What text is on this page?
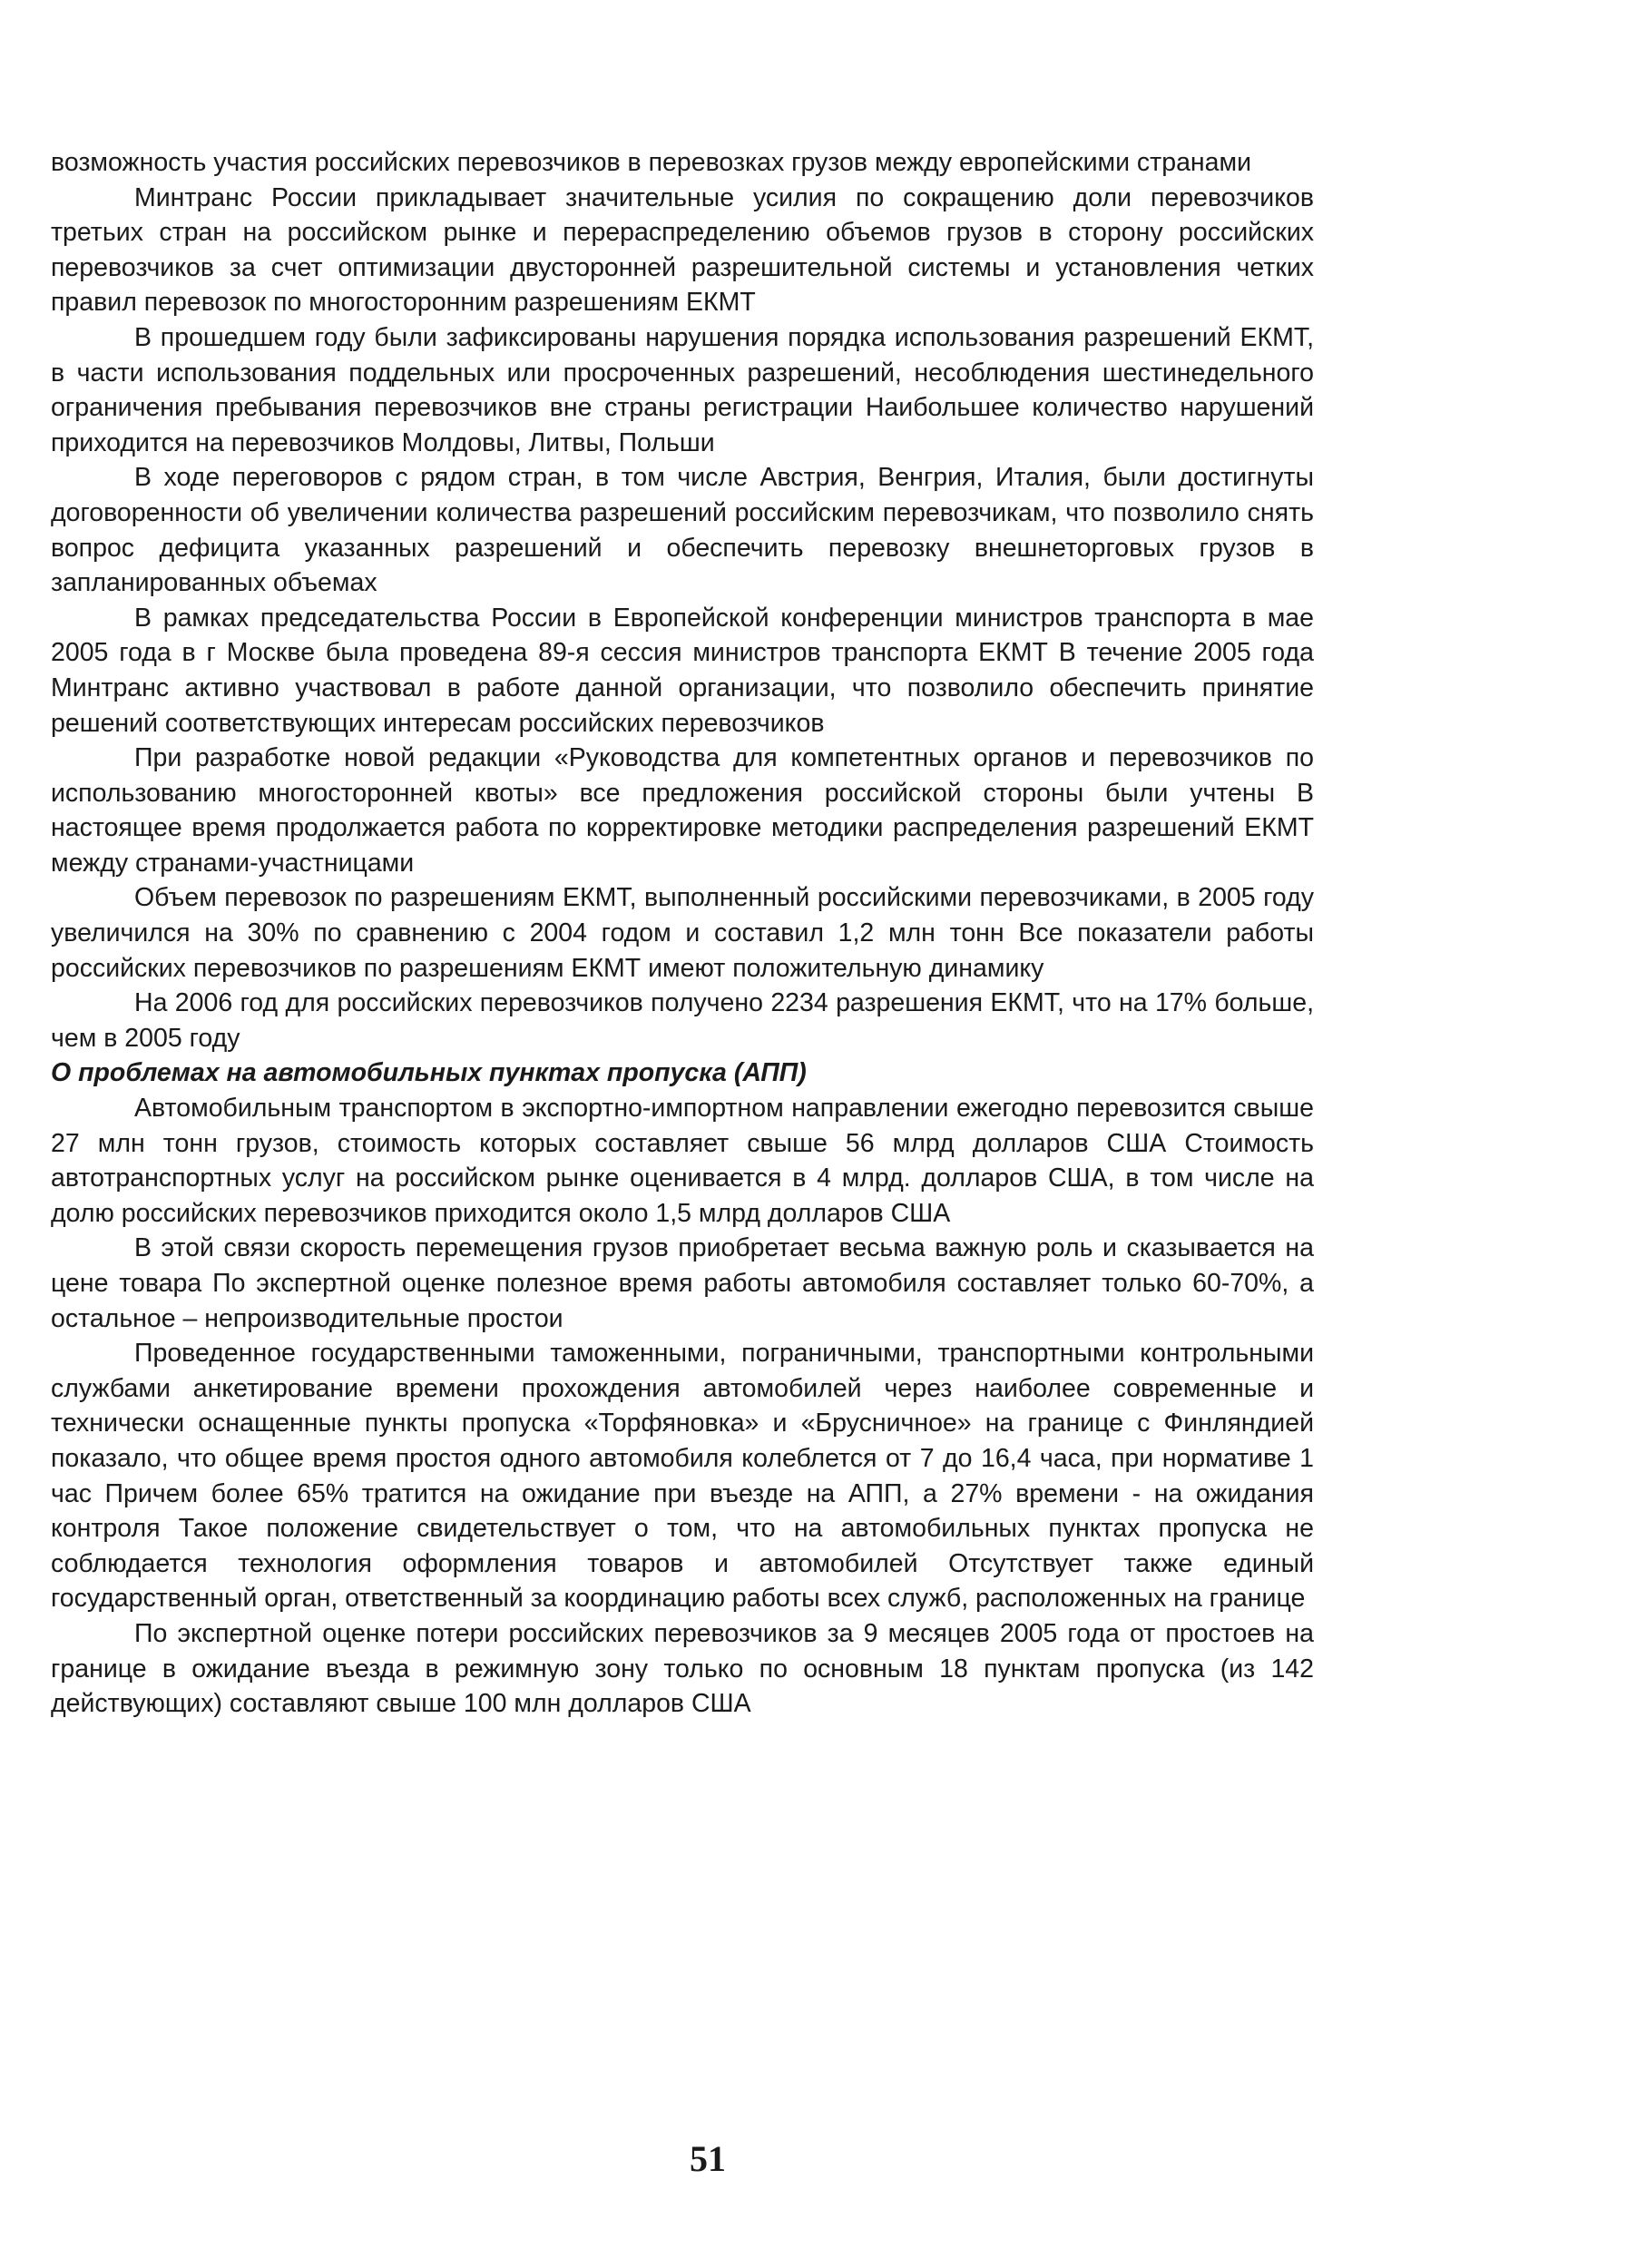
возможность участия российских перевозчиков в перевозках грузов между европейскими странами

Минтранс России прикладывает значительные усилия по сокращению доли перевозчиков третьих стран на российском рынке и перераспределению объемов грузов в сторону российских перевозчиков за счет оптимизации двусторонней разрешительной системы и установления четких правил перевозок по многосторонним разрешениям ЕКМТ

В прошедшем году были зафиксированы нарушения порядка использования разрешений ЕКМТ, в части использования поддельных или просроченных разрешений, несоблюдения шестинедельного ограничения пребывания перевозчиков вне страны регистрации Наибольшее количество нарушений приходится на перевозчиков Молдовы, Литвы, Польши

В ходе переговоров с рядом стран, в том числе Австрия, Венгрия, Италия, были достигнуты договоренности об увеличении количества разрешений российским перевозчикам, что позволило снять вопрос дефицита указанных разрешений и обеспечить перевозку внешнеторговых грузов в запланированных объемах

В рамках председательства России в Европейской конференции министров транспорта в мае 2005 года в г Москве была проведена 89-я сессия министров транспорта ЕКМТ В течение 2005 года Минтранс активно участвовал в работе данной организации, что позволило обеспечить принятие решений соответствующих интересам российских перевозчиков

При разработке новой редакции «Руководства для компетентных органов и перевозчиков по использованию многосторонней квоты» все предложения российской стороны были учтены В настоящее время продолжается работа по корректировке методики распределения разрешений ЕКМТ между странами-участницами

Объем перевозок по разрешениям ЕКМТ, выполненный российскими перевозчиками, в 2005 году увеличился на 30% по сравнению с 2004 годом и составил 1,2 млн тонн Все показатели работы российских перевозчиков по разрешениям ЕКМТ имеют положительную динамику

На 2006 год для российских перевозчиков получено 2234 разрешения ЕКМТ, что на 17% больше, чем в 2005 году

О проблемах на автомобильных пунктах пропуска (АПП)

Автомобильным транспортом в экспортно-импортном направлении ежегодно перевозится свыше 27 млн тонн грузов, стоимость которых составляет свыше 56 млрд долларов США Стоимость автотранспортных услуг на российском рынке оценивается в 4 млрд. долларов США, в том числе на долю российских перевозчиков приходится около 1,5 млрд долларов США

В этой связи скорость перемещения грузов приобретает весьма важную роль и сказывается на цене товара По экспертной оценке полезное время работы автомобиля составляет только 60-70%, а остальное – непроизводительные простои

Проведенное государственными таможенными, пограничными, транспортными контрольными службами анкетирование времени прохождения автомобилей через наиболее современные и технически оснащенные пункты пропуска «Торфяновка» и «Брусничное» на границе с Финляндией показало, что общее время простоя одного автомобиля колеблется от 7 до 16,4 часа, при нормативе 1 час Причем более 65% тратится на ожидание при въезде на АПП, а 27% времени - на ожидания контроля Такое положение свидетельствует о том, что на автомобильных пунктах пропуска не соблюдается технология оформления товаров и автомобилей Отсутствует также единый государственный орган, ответственный за координацию работы всех служб, расположенных на границе

По экспертной оценке потери российских перевозчиков за 9 месяцев 2005 года от простоев на границе в ожидание въезда в режимную зону только по основным 18 пунктам пропуска (из 142 действующих) составляют свыше 100 млн долларов США

51
